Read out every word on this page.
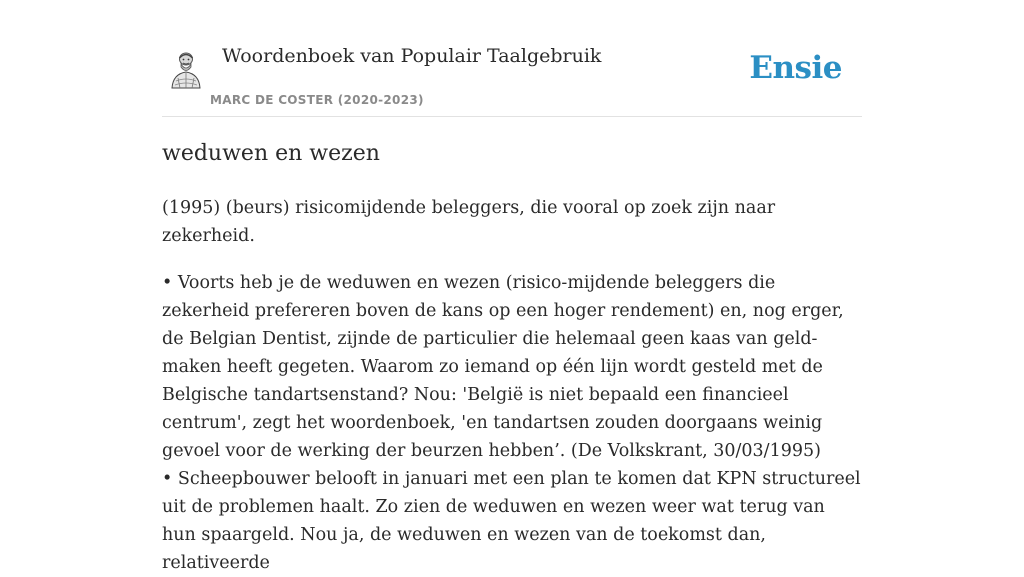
Woordenboek van Populair Taalgebruik
MARC DE COSTER (2020-2023)
Ensie
weduwen en wezen

(1995) (beurs) risicomijdende beleggers, die vooral op zoek zijn naar zekerheid.

• Voorts heb je de weduwen en wezen (risico-mijdende beleggers die zekerheid prefereren boven de kans op een hoger rendement) en, nog erger, de Belgian Dentist, zijnde de particulier die helemaal geen kaas van geld-maken heeft gegeten. Waarom zo iemand op één lijn wordt gesteld met de Belgische tandartsenstand? Nou: 'België is niet bepaald een financieel centrum', zegt het woordenboek, 'en tandartsen zouden doorgaans weinig gevoel voor de werking der beurzen hebben’. (De Volkskrant, 30/03/1995)

• Scheepbouwer belooft in januari met een plan te komen dat KPN structureel uit de problemen haalt. Zo zien de weduwen en wezen weer wat terug van hun spaargeld. Nou ja, de weduwen en wezen van de toekomst dan, relativeerde
